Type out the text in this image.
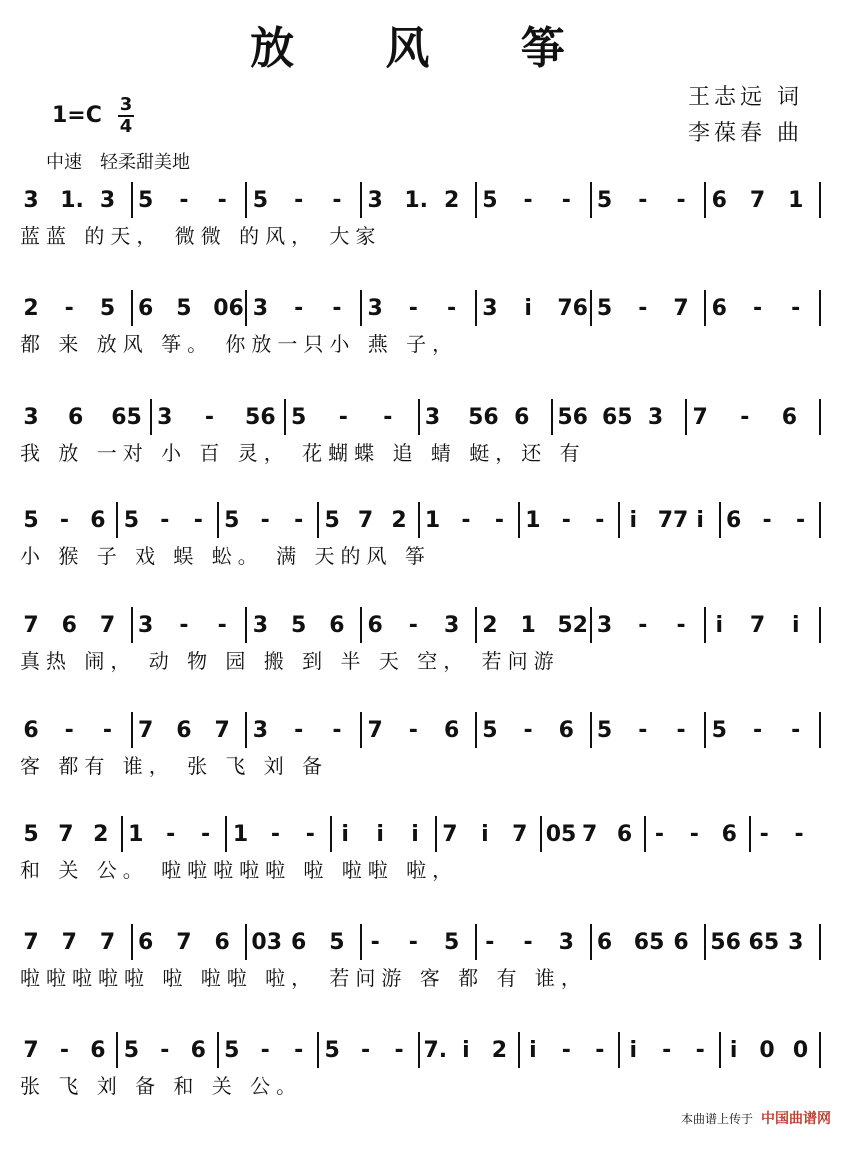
放 风 筝
王志远 词
李葆春 曲
1=C 3
4
中速　轻柔甜美地
3 1. 3 5 - - 5 - - 3 1. 2 5 - - 5 - - 6 7 1
蓝蓝 的天， 微微 的风， 大家
2 - 5 6 5 06 3 - - 3 - - 3 i 76 5 - 7 6 - -
都 来 放风 筝。 你放一只小 燕 子，
3 6 65 3 - 56 5 - - 3 56 6 56 65 3 7 - 6
我 放 一对 小 百 灵， 花蝴蝶 追 蜻 蜓，还 有
5 - 6 5 - - 5 - - 5 7 2 1 - - 1 - - i 77 i 6 - -
小 猴 子 戏 蜈 蚣。 满 天的风 筝
7 6 7 3 - - 3 5 6 6 - 3 2 1 52 3 - - i 7 i
真热 闹， 动 物 园 搬 到 半 天 空， 若问游
6 - - 7 6 7 3 - - 7 - 6 5 - 6 5 - - 5 - -
客 都有 谁， 张 飞 刘 备
5 7 2 1 - - 1 - - i i i 7 i 7 05 7 6 - - 6 - -
和 关 公。 啦啦啦啦啦 啦 啦啦 啦，
7 7 7 6 7 6 03 6 5 - - 5 - - 3 6 65 6 56 65 3
啦啦啦啦啦 啦 啦啦 啦， 若问游 客 都 有 谁，
7 - 6 5 - 6 5 - - 5 - - 7. i 2 i - - i - - i 0 0
张 飞 刘 备 和 关 公。
本曲谱上传于 中国曲谱网
